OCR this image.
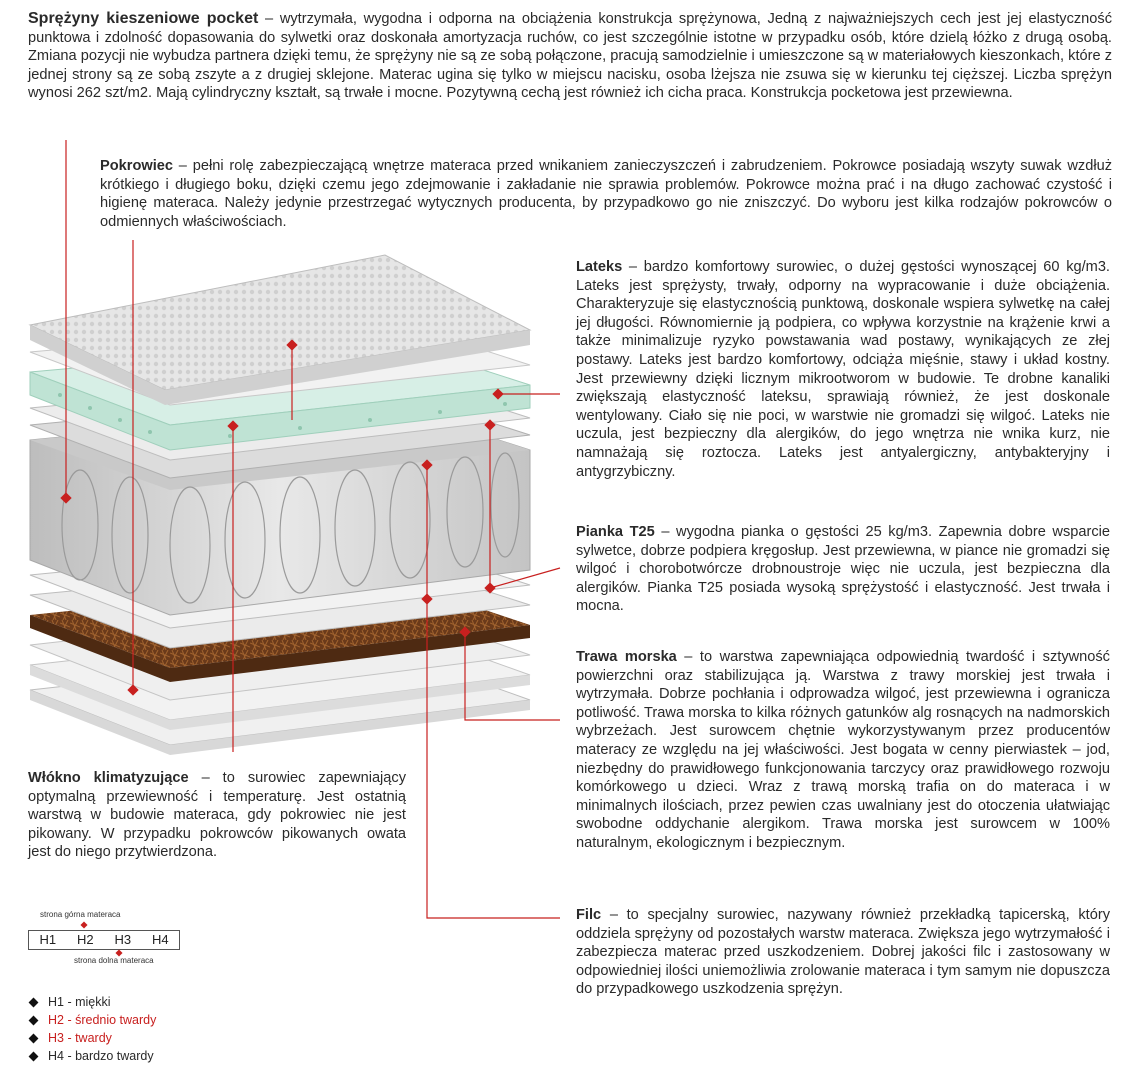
Sprężyny kieszeniowe pocket – wytrzymała, wygodna i odporna na obciążenia konstrukcja sprężynowa, Jedną z najważniejszych cech jest jej elastyczność punktowa i zdolność dopasowania do sylwetki oraz doskonała amortyzacja ruchów, co jest szczególnie istotne w przypadku osób, które dzielą łóżko z drugą osobą. Zmiana pozycji nie wybudza partnera dzięki temu, że sprężyny nie są ze sobą połączone, pracują samodzielnie i umieszczone są w materiałowych kieszonkach, które z jednej strony są ze sobą zszyte a z drugiej sklejone. Materac ugina się tylko w miejscu nacisku, osoba lżejsza nie zsuwa się w kierunku tej cięższej. Liczba sprężyn wynosi 262 szt/m2. Mają cylindryczny kształt, są trwałe i mocne. Pozytywną cechą jest również ich cicha praca. Konstrukcja pocketowa jest przewiewna.
Pokrowiec – pełni rolę zabezpieczającą wnętrze materaca przed wnikaniem zanieczyszczeń i zabrudzeniem. Pokrowce posiadają wszyty suwak wzdłuż krótkiego i długiego boku, dzięki czemu jego zdejmowanie i zakładanie nie sprawia problemów. Pokrowce można prać i na długo zachować czystość i higienę materaca. Należy jedynie przestrzegać wytycznych producenta, by przypadkowo go nie zniszczyć. Do wyboru jest kilka rodzajów pokrowców o odmiennych właściwościach.
Lateks – bardzo komfortowy surowiec, o dużej gęstości wynoszącej 60 kg/m3. Lateks jest sprężysty, trwały, odporny na wypracowanie i duże obciążenia. Charakteryzuje się elastycznością punktową, doskonale wspiera sylwetkę na całej jej długości. Równomiernie ją podpiera, co wpływa korzystnie na krążenie krwi a także minimalizuje ryzyko powstawania wad postawy, wynikających ze złej postawy. Lateks jest bardzo komfortowy, odciąża mięśnie, stawy i układ kostny. Jest przewiewny dzięki licznym mikrootworom w budowie. Te drobne kanaliki zwiększają elastyczność lateksu, sprawiają również, że jest doskonale wentylowany. Ciało się nie poci, w warstwie nie gromadzi się wilgoć. Lateks nie uczula, jest bezpieczny dla alergików, do jego wnętrza nie wnika kurz, nie namnażają się roztocza. Lateks jest antyalergiczny, antybakteryjny i antygrzybiczny.
Pianka T25 – wygodna pianka o gęstości 25 kg/m3. Zapewnia dobre wsparcie sylwetce, dobrze podpiera kręgosłup. Jest przewiewna, w piance nie gromadzi się wilgoć i chorobotwórcze drobnoustroje więc nie uczula, jest bezpieczna dla alergików. Pianka T25 posiada wysoką sprężystość i elastyczność. Jest trwała i mocna.
Trawa morska – to warstwa zapewniająca odpowiednią twardość i sztywność powierzchni oraz stabilizująca ją. Warstwa z trawy morskiej jest trwała i wytrzymała. Dobrze pochłania i odprowadza wilgoć, jest przewiewna i ogranicza potliwość. Trawa morska to kilka różnych gatunków alg rosnących na nadmorskich wybrzeżach. Jest surowcem chętnie wykorzystywanym przez producentów materacy ze względu na jej właściwości. Jest bogata w cenny pierwiastek – jod, niezbędny do prawidłowego funkcjonowania tarczycy oraz prawidłowego rozwoju komórkowego u dzieci. Wraz z trawą morską trafia on do materaca i w minimalnych ilościach, przez pewien czas uwalniany jest do otoczenia ułatwiając swobodne oddychanie alergikom. Trawa morska jest surowcem w 100% naturalnym, ekologicznym i bezpiecznym.
Filc – to specjalny surowiec, nazywany również przekładką tapicerską, który oddziela sprężyny od pozostałych warstw materaca. Zwiększa jego wytrzymałość i zabezpiecza materac przed uszkodzeniem. Dobrej jakości filc i zastosowany w odpowiedniej ilości uniemożliwia zrolowanie materaca i tym samym nie dopuszcza do przypadkowego uszkodzenia sprężyn.
Włókno klimatyzujące – to surowiec zapewniający optymalną przewiewność i temperaturę. Jest ostatnią warstwą w budowie materaca, gdy pokrowiec nie jest pikowany. W przypadku pokrowców pikowanych owata jest do niego przytwierdzona.
strona górna materaca
H1	H2	H3	H4
strona dolna materaca
H1 - miękki
H2 - średnio twardy
H3 - twardy
H4 - bardzo twardy
